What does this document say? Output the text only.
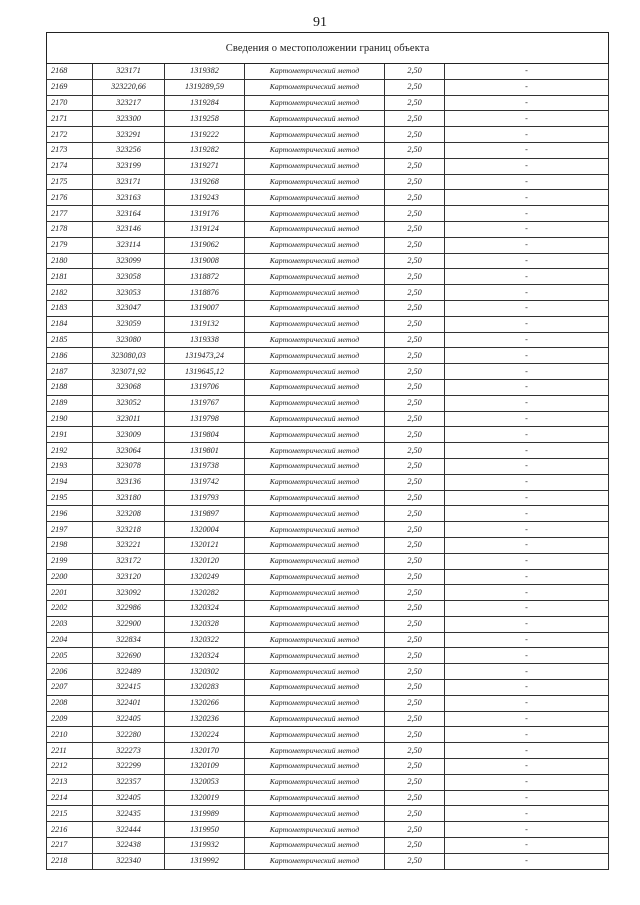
91
Сведения о местоположении границ объекта					
2168	323171	1319382	Картометрический метод	2,50	-
2169	323220,66	1319289,59	Картометрический метод	2,50	-
2170	323217	1319284	Картометрический метод	2,50	-
2171	323300	1319258	Картометрический метод	2,50	-
2172	323291	1319222	Картометрический метод	2,50	-
2173	323256	1319282	Картометрический метод	2,50	-
2174	323199	1319271	Картометрический метод	2,50	-
2175	323171	1319268	Картометрический метод	2,50	-
2176	323163	1319243	Картометрический метод	2,50	-
2177	323164	1319176	Картометрический метод	2,50	-
2178	323146	1319124	Картометрический метод	2,50	-
2179	323114	1319062	Картометрический метод	2,50	-
2180	323099	1319008	Картометрический метод	2,50	-
2181	323058	1318872	Картометрический метод	2,50	-
2182	323053	1318876	Картометрический метод	2,50	-
2183	323047	1319007	Картометрический метод	2,50	-
2184	323059	1319132	Картометрический метод	2,50	-
2185	323080	1319338	Картометрический метод	2,50	-
2186	323080,03	1319473,24	Картометрический метод	2,50	-
2187	323071,92	1319645,12	Картометрический метод	2,50	-
2188	323068	1319706	Картометрический метод	2,50	-
2189	323052	1319767	Картометрический метод	2,50	-
2190	323011	1319798	Картометрический метод	2,50	-
2191	323009	1319804	Картометрический метод	2,50	-
2192	323064	1319801	Картометрический метод	2,50	-
2193	323078	1319738	Картометрический метод	2,50	-
2194	323136	1319742	Картометрический метод	2,50	-
2195	323180	1319793	Картометрический метод	2,50	-
2196	323208	1319897	Картометрический метод	2,50	-
2197	323218	1320004	Картометрический метод	2,50	-
2198	323221	1320121	Картометрический метод	2,50	-
2199	323172	1320120	Картометрический метод	2,50	-
2200	323120	1320249	Картометрический метод	2,50	-
2201	323092	1320282	Картометрический метод	2,50	-
2202	322986	1320324	Картометрический метод	2,50	-
2203	322900	1320328	Картометрический метод	2,50	-
2204	322834	1320322	Картометрический метод	2,50	-
2205	322690	1320324	Картометрический метод	2,50	-
2206	322489	1320302	Картометрический метод	2,50	-
2207	322415	1320283	Картометрический метод	2,50	-
2208	322401	1320266	Картометрический метод	2,50	-
2209	322405	1320236	Картометрический метод	2,50	-
2210	322280	1320224	Картометрический метод	2,50	-
2211	322273	1320170	Картометрический метод	2,50	-
2212	322299	1320109	Картометрический метод	2,50	-
2213	322357	1320053	Картометрический метод	2,50	-
2214	322405	1320019	Картометрический метод	2,50	-
2215	322435	1319989	Картометрический метод	2,50	-
2216	322444	1319950	Картометрический метод	2,50	-
2217	322438	1319932	Картометрический метод	2,50	-
2218	322340	1319992	Картометрический метод	2,50	-
